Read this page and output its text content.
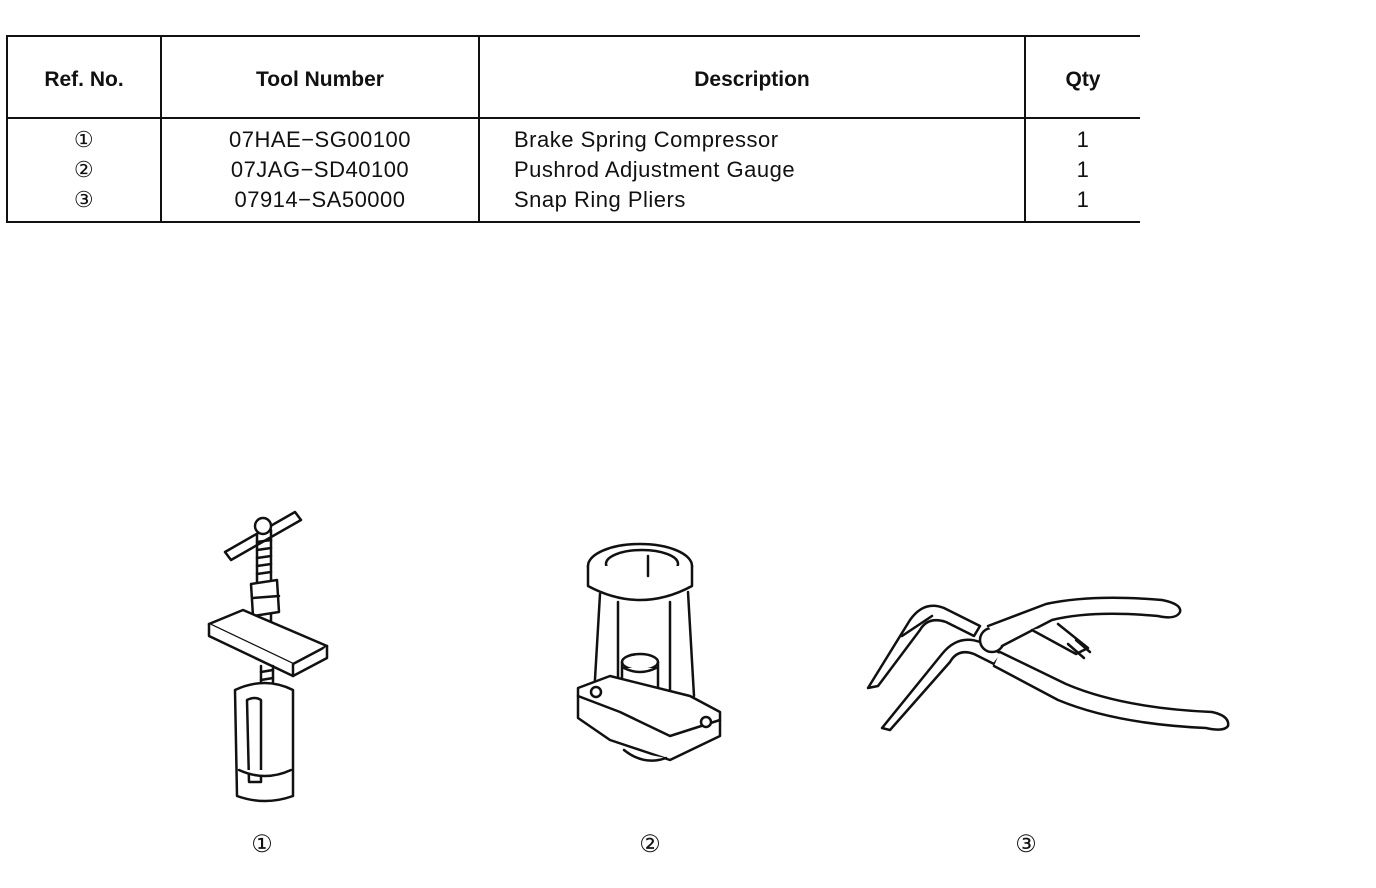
Ref. No.	Tool Number	Description	Qty
①	07HAE−SG00100	Brake Spring Compressor	1
②	07JAG−SD40100	Pushrod Adjustment Gauge	1
③	07914−SA50000	Snap Ring Pliers	1
①	②	③
